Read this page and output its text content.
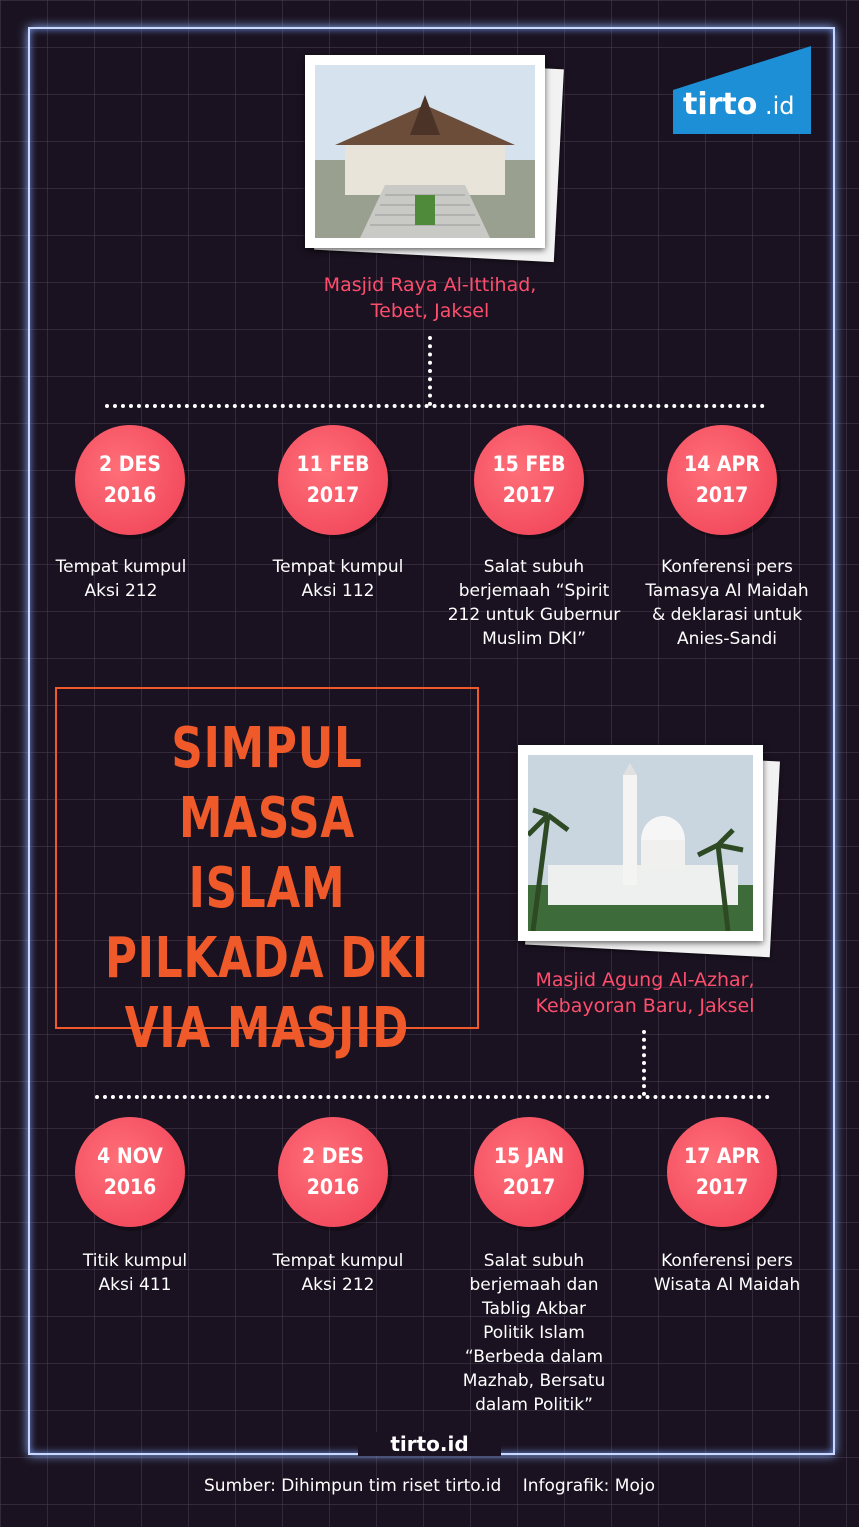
tirto .id
Masjid Raya Al-Ittihad,
Tebet, Jaksel
2 DES
2016
11 FEB
2017
15 FEB
2017
14 APR
2017
Tempat kumpul
Aksi 212
Tempat kumpul
Aksi 112
Salat subuh
berjemaah “Spirit
212 untuk Gubernur
Muslim DKI”
Konferensi pers
Tamasya Al Maidah
& deklarasi untuk
Anies-Sandi
SIMPUL
MASSA ISLAM
PILKADA DKI
VIA MASJID
Masjid Agung Al-Azhar,
Kebayoran Baru, Jaksel
4 NOV
2016
2 DES
2016
15 JAN
2017
17 APR
2017
Titik kumpul
Aksi 411
Tempat kumpul
Aksi 212
Salat subuh
berjemaah dan
Tablig Akbar
Politik Islam
“Berbeda dalam
Mazhab, Bersatu
dalam Politik”
Konferensi pers
Wisata Al Maidah
tirto.id
Sumber: Dihimpun tim riset tirto.id Infografik: Mojo
